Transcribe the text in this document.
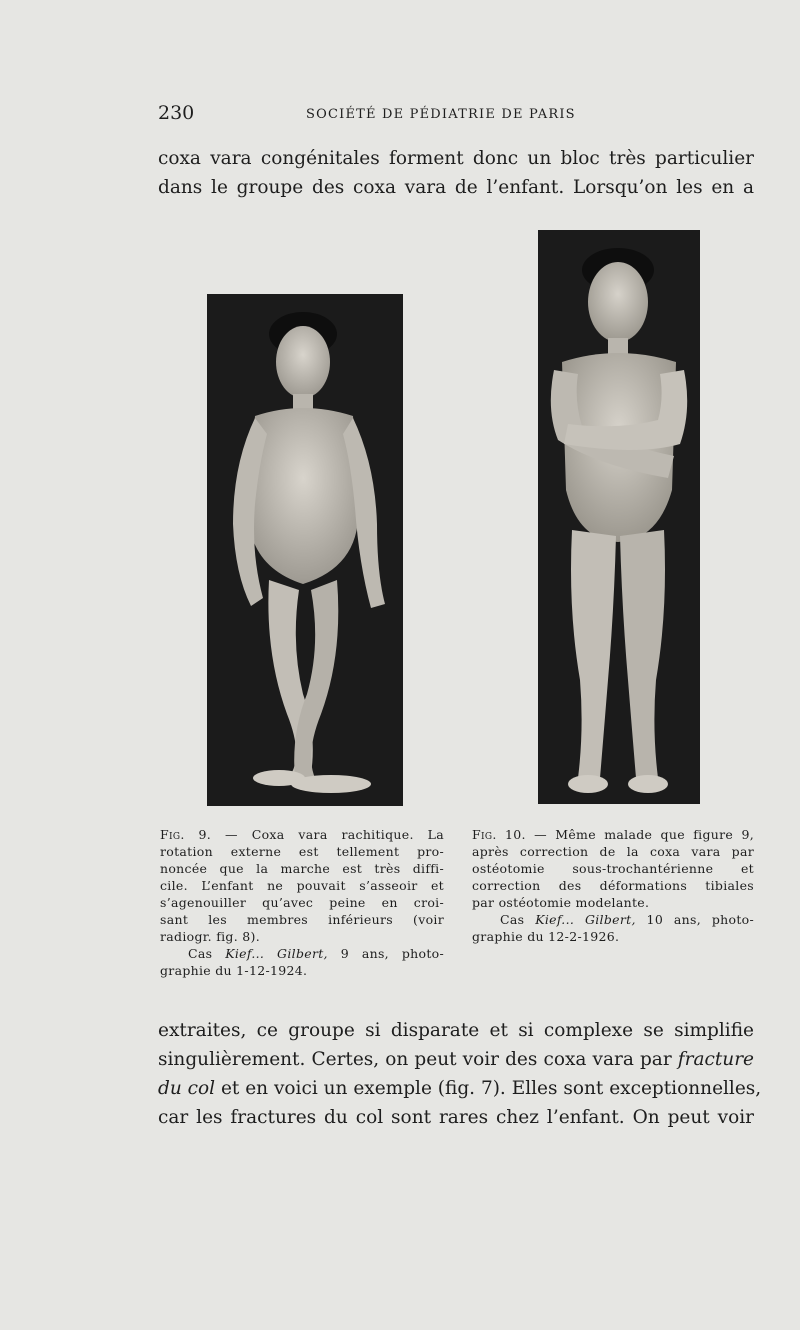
230	SOCIÉTÉ DE PÉDIATRIE DE PARIS
coxa vara congénitales forment donc un bloc très particulier
dans le groupe des coxa vara de l’enfant. Lorsqu’on les en a
Fig. 9. — Coxa vara rachitique. La
rotation externe est tellement pro-
noncée que la marche est très diffi-
cile. L’enfant ne pouvait s’asseoir et
s’agenouiller qu’avec peine en croi-
sant les membres inférieurs (voir
radiogr. fig. 8).
Cas Kief... Gilbert, 9 ans, photo-
graphie du 1-12-1924.
Fig. 10. — Même malade que figure 9,
après correction de la coxa vara par
ostéotomie sous-trochantérienne et
correction des déformations tibiales
par ostéotomie modelante.
Cas Kief... Gilbert, 10 ans, photo-
graphie du 12-2-1926.
extraites, ce groupe si disparate et si complexe se simplifie
singulièrement. Certes, on peut voir des coxa vara par fracture
du col et en voici un exemple (fig. 7). Elles sont exceptionnelles,
car les fractures du col sont rares chez l’enfant. On peut voir
